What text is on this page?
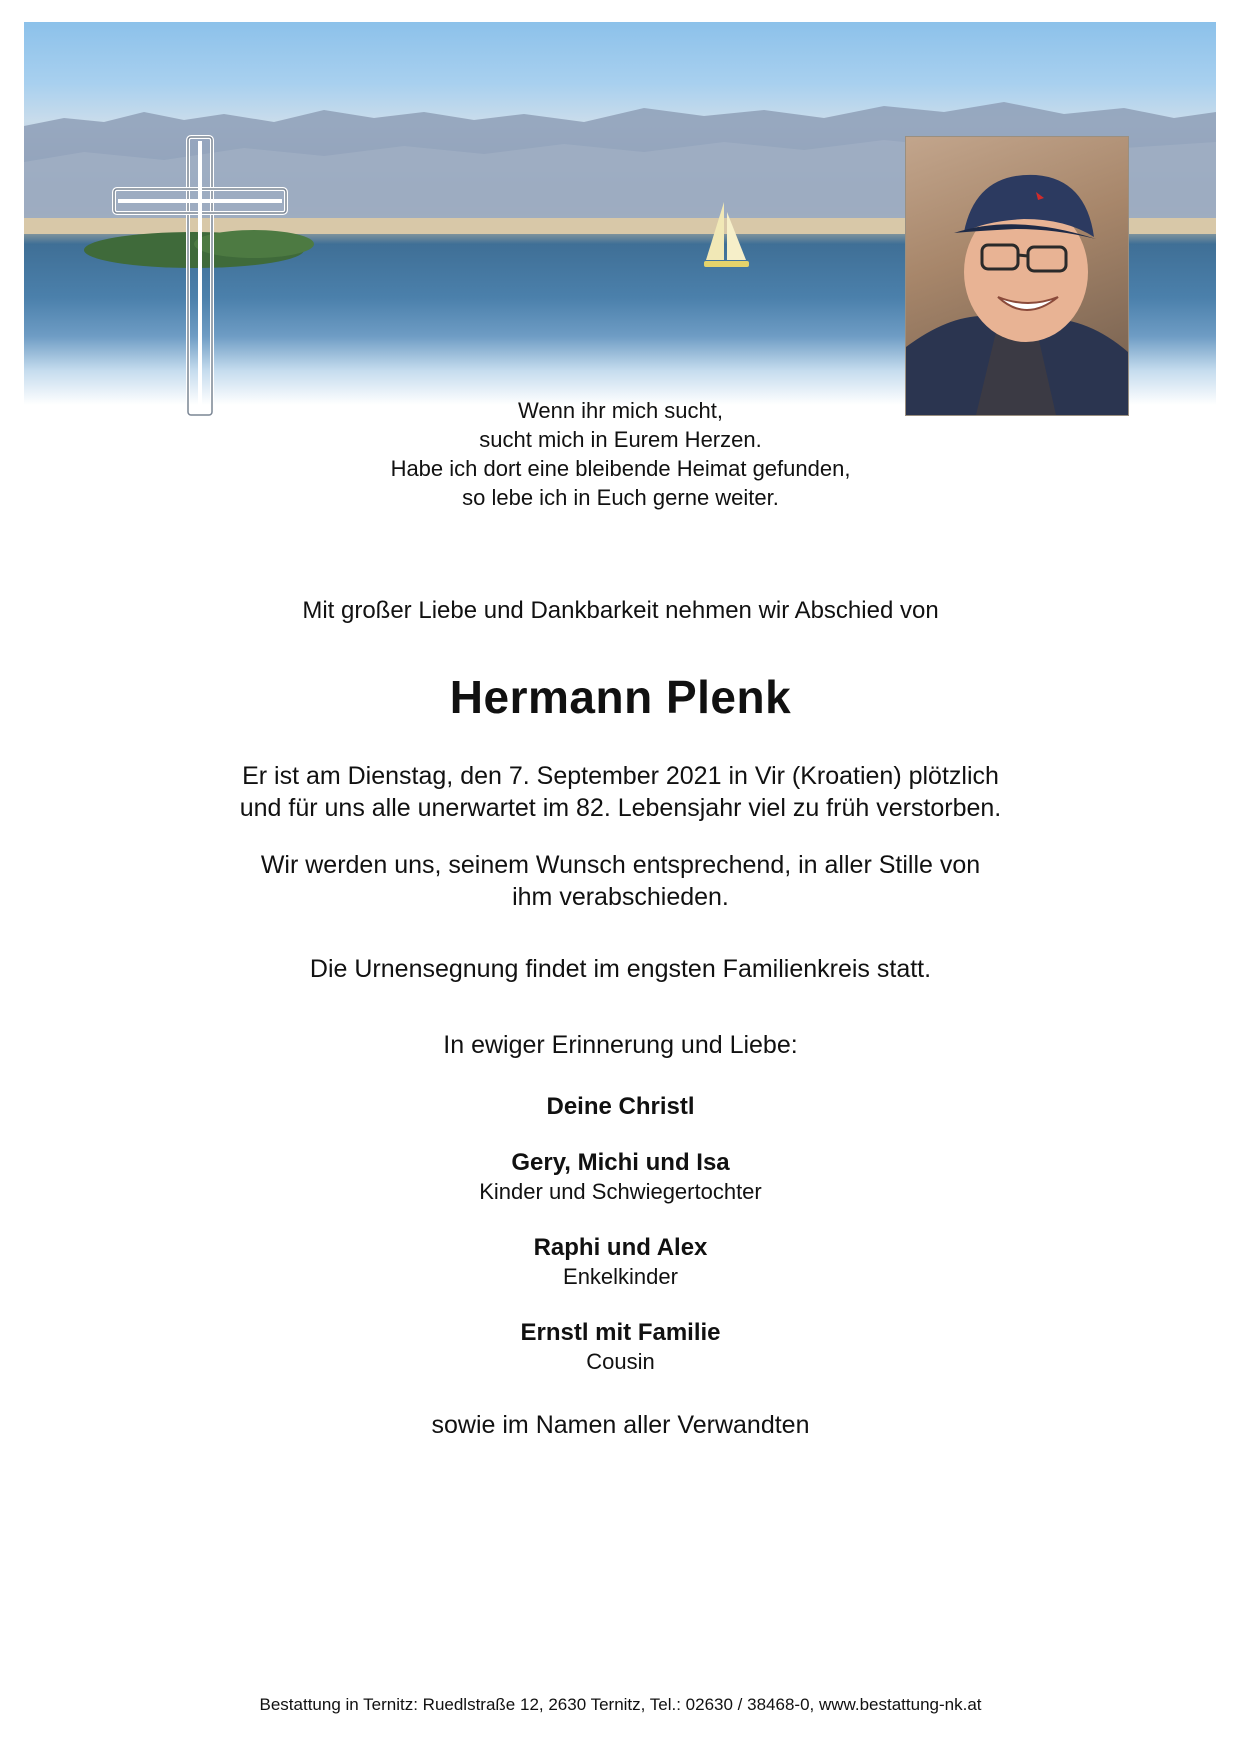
Wenn ihr mich sucht,
sucht mich in Eurem Herzen.
Habe ich dort eine bleibende Heimat gefunden,
so lebe ich in Euch gerne weiter.
Mit großer Liebe und Dankbarkeit nehmen wir Abschied von
Hermann Plenk
Er ist am Dienstag, den 7. September 2021 in Vir (Kroatien) plötzlich
und für uns alle unerwartet im 82. Lebensjahr viel zu früh verstorben.
Wir werden uns, seinem Wunsch entsprechend, in aller Stille von
ihm verabschieden.
Die Urnensegnung findet im engsten Familienkreis statt.
In ewiger Erinnerung und Liebe:
Deine Christl
Gery, Michi und Isa
Kinder und Schwiegertochter
Raphi und Alex
Enkelkinder
Ernstl mit Familie
Cousin
sowie im Namen aller Verwandten
Bestattung in Ternitz: Ruedlstraße 12, 2630 Ternitz, Tel.: 02630 / 38468-0, www.bestattung-nk.at
